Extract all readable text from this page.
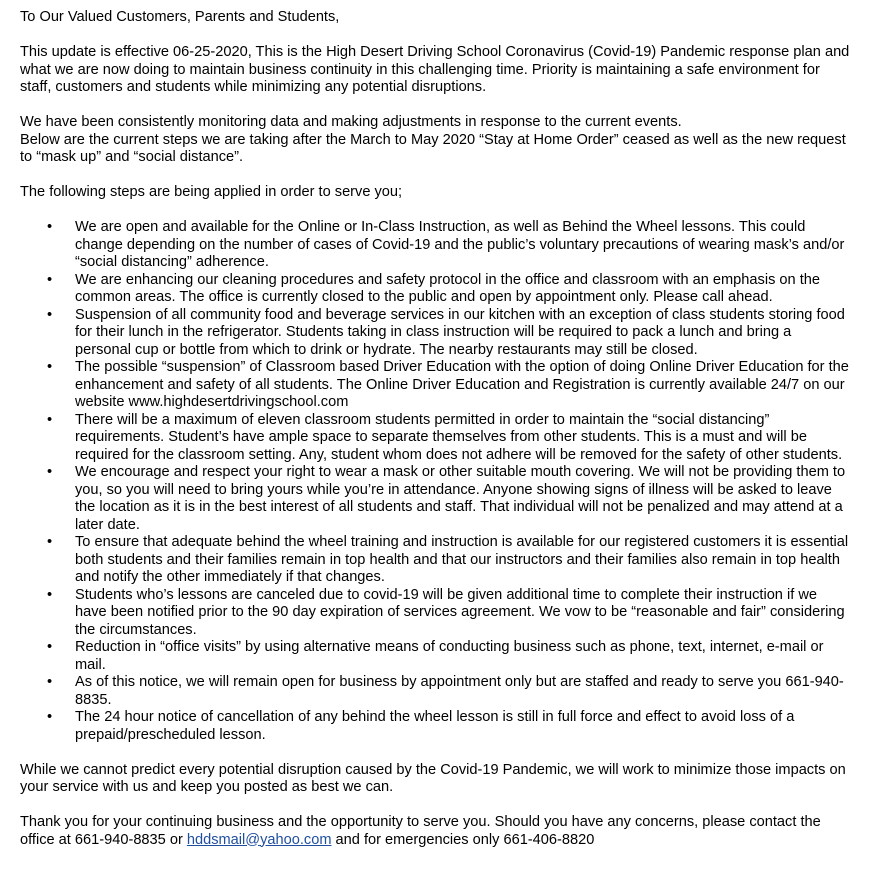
To Our Valued Customers, Parents and Students,

This update is effective 06-25-2020, This is the High Desert Driving School Coronavirus (Covid-19) Pandemic response plan and what we are now doing to maintain business continuity in this challenging time. Priority is maintaining a safe environment for staff, customers and students while minimizing any potential disruptions.

We have been consistently monitoring data and making adjustments in response to the current events.

Below are the current steps we are taking after the March to May 2020 “Stay at Home Order” ceased as well as the new request to “mask up” and “social distance”.

The following steps are being applied in order to serve you;

• We are open and available for the Online or In-Class Instruction, as well as Behind the Wheel lessons. This could change depending on the number of cases of Covid-19 and the public’s voluntary precautions of wearing mask’s and/or “social distancing” adherence.
• We are enhancing our cleaning procedures and safety protocol in the office and classroom with an emphasis on the common areas. The office is currently closed to the public and open by appointment only. Please call ahead.
• Suspension of all community food and beverage services in our kitchen with an exception of class students storing food for their lunch in the refrigerator. Students taking in class instruction will be required to pack a lunch and bring a personal cup or bottle from which to drink or hydrate. The nearby restaurants may still be closed.
• The possible “suspension” of Classroom based Driver Education with the option of doing Online Driver Education for the enhancement and safety of all students. The Online Driver Education and Registration is currently available 24/7 on our website www.highdesertdrivingschool.com
• There will be a maximum of eleven classroom students permitted in order to maintain the “social distancing” requirements. Student’s have ample space to separate themselves from other students. This is a must and will be required for the classroom setting. Any, student whom does not adhere will be removed for the safety of other students.
• We encourage and respect your right to wear a mask or other suitable mouth covering. We will not be providing them to you, so you will need to bring yours while you’re in attendance. Anyone showing signs of illness will be asked to leave the location as it is in the best interest of all students and staff. That individual will not be penalized and may attend at a later date.
• To ensure that adequate behind the wheel training and instruction is available for our registered customers it is essential both students and their families remain in top health and that our instructors and their families also remain in top health and notify the other immediately if that changes.
• Students who’s lessons are canceled due to covid-19 will be given additional time to complete their instruction if we have been notified prior to the 90 day expiration of services agreement. We vow to be “reasonable and fair” considering the circumstances.
• Reduction in “office visits” by using alternative means of conducting business such as phone, text, internet, e-mail or mail.
• As of this notice, we will remain open for business by appointment only but are staffed and ready to serve you 661-940-8835.
• The 24 hour notice of cancellation of any behind the wheel lesson is still in full force and effect to avoid loss of a prepaid/prescheduled lesson.

While we cannot predict every potential disruption caused by the Covid-19 Pandemic, we will work to minimize those impacts on your service with us and keep you posted as best we can.

Thank you for your continuing business and the opportunity to serve you. Should you have any concerns, please contact the office at 661-940-8835 or hddsmail@yahoo.com and for emergencies only 661-406-8820
